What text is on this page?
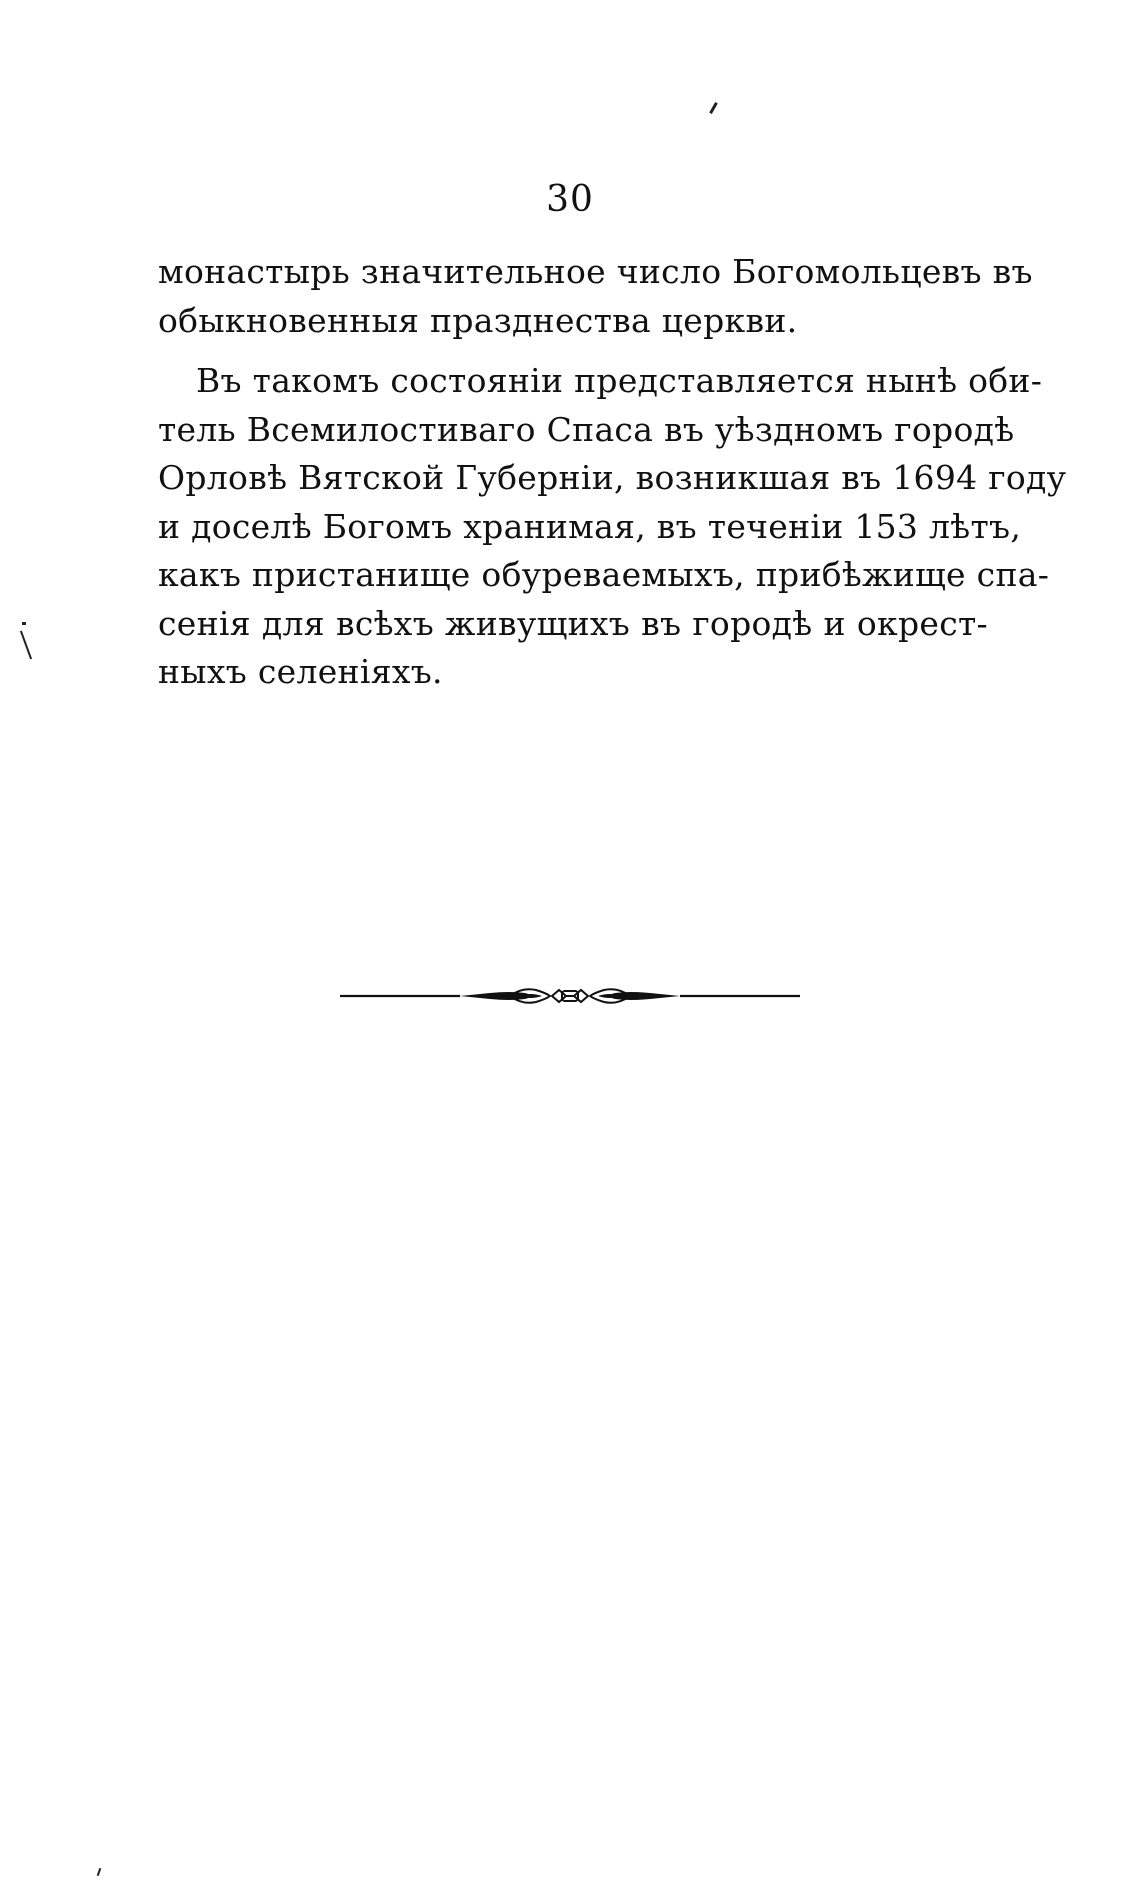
30
монастырь значительное число Богомольцевъ въ
обыкновенныя празднества церкви.
Въ такомъ состояніи представляется нынѣ оби-
тель Всемилостиваго Спаса въ уѣздномъ городѣ
Орловѣ Вятской Губерніи, возникшая въ 1694 году
и доселѣ Богомъ хранимая, въ теченіи 153 лѣтъ,
какъ пристанище обуреваемыхъ, прибѣжище спа-
сенія для всѣхъ живущихъ въ городѣ и окрест-
ныхъ селеніяхъ.
